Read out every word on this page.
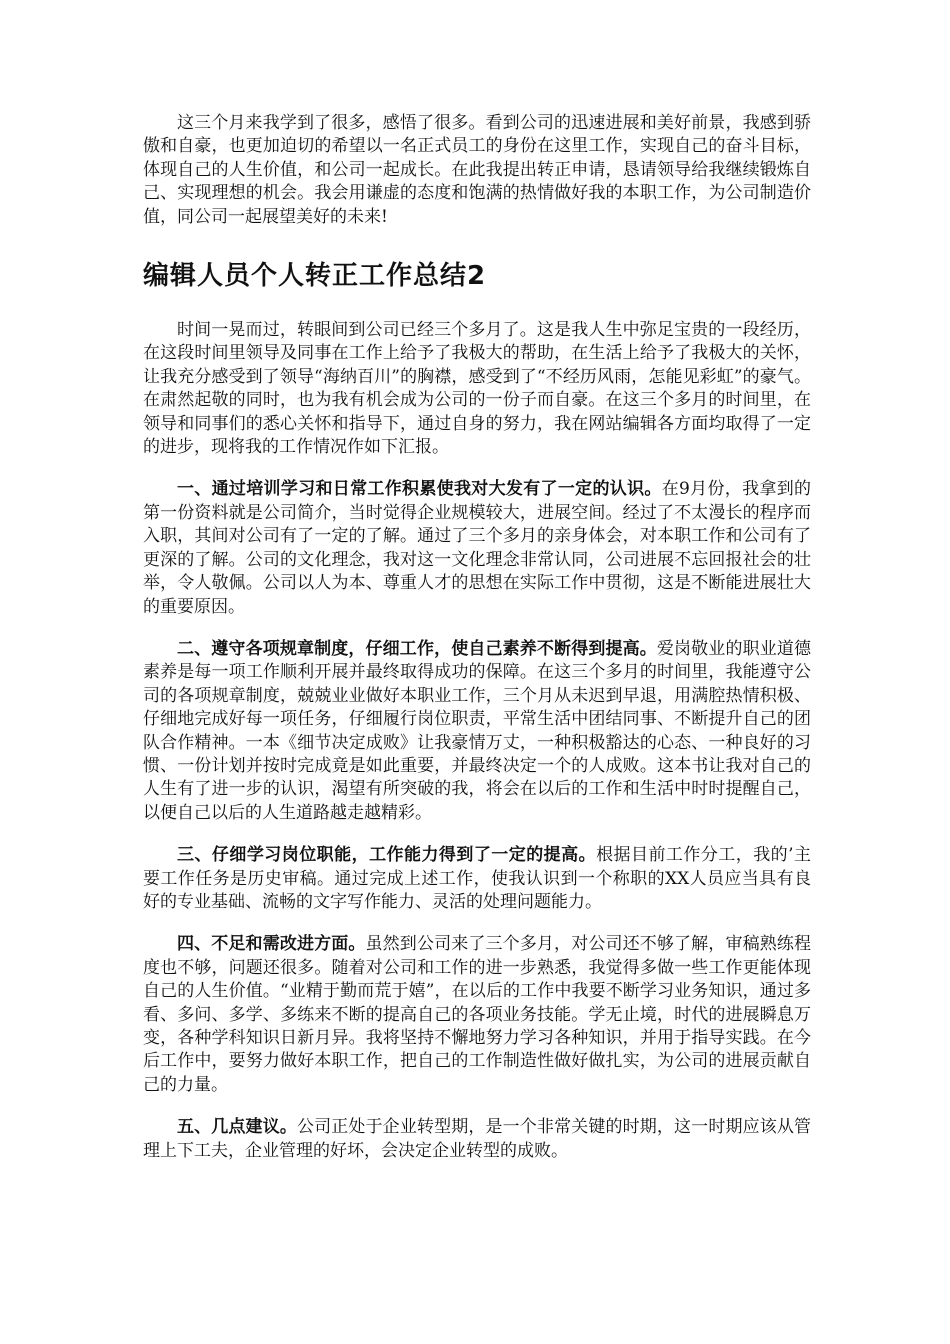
这三个月来我学到了很多，感悟了很多。看到公司的迅速进展和美好前景，我感到骄傲和自豪，也更加迫切的希望以一名正式员工的身份在这里工作，实现自己的奋斗目标，体现自己的人生价值，和公司一起成长。在此我提出转正申请，恳请领导给我继续锻炼自己、实现理想的机会。我会用谦虚的态度和饱满的热情做好我的本职工作，为公司制造价值，同公司一起展望美好的未来!

编辑人员个人转正工作总结2

时间一晃而过，转眼间到公司已经三个多月了。这是我人生中弥足宝贵的一段经历，在这段时间里领导及同事在工作上给予了我极大的帮助，在生活上给予了我极大的关怀，让我充分感受到了领导“海纳百川”的胸襟，感受到了“不经历风雨，怎能见彩虹”的豪气。在肃然起敬的同时，也为我有机会成为公司的一份子而自豪。在这三个多月的时间里，在领导和同事们的悉心关怀和指导下，通过自身的努力，我在网站编辑各方面均取得了一定的进步，现将我的工作情况作如下汇报。

一、通过培训学习和日常工作积累使我对大发有了一定的认识。在9月份，我拿到的第一份资料就是公司简介，当时觉得企业规模较大，进展空间。经过了不太漫长的程序而入职，其间对公司有了一定的了解。通过了三个多月的亲身体会，对本职工作和公司有了更深的了解。公司的文化理念，我对这一文化理念非常认同，公司进展不忘回报社会的壮举，令人敬佩。公司以人为本、尊重人才的思想在实际工作中贯彻，这是不断能进展壮大的重要原因。

二、遵守各项规章制度，仔细工作，使自己素养不断得到提高。爱岗敬业的职业道德素养是每一项工作顺利开展并最终取得成功的保障。在这三个多月的时间里，我能遵守公司的各项规章制度，兢兢业业做好本职业工作，三个月从未迟到早退，用满腔热情积极、仔细地完成好每一项任务，仔细履行岗位职责，平常生活中团结同事、不断提升自己的团队合作精神。一本《细节决定成败》让我豪情万丈，一种积极豁达的心态、一种良好的习惯、一份计划并按时完成竟是如此重要，并最终决定一个的人成败。这本书让我对自己的人生有了进一步的认识，渴望有所突破的我，将会在以后的工作和生活中时时提醒自己，以便自己以后的人生道路越走越精彩。

三、仔细学习岗位职能，工作能力得到了一定的提高。根据目前工作分工，我的’主要工作任务是历史审稿。通过完成上述工作，使我认识到一个称职的XX人员应当具有良好的专业基础、流畅的文字写作能力、灵活的处理问题能力。

四、不足和需改进方面。虽然到公司来了三个多月，对公司还不够了解，审稿熟练程度也不够，问题还很多。随着对公司和工作的进一步熟悉，我觉得多做一些工作更能体现自己的人生价值。“业精于勤而荒于嬉”，在以后的工作中我要不断学习业务知识，通过多看、多问、多学、多练来不断的提高自己的各项业务技能。学无止境，时代的进展瞬息万变，各种学科知识日新月异。我将坚持不懈地努力学习各种知识，并用于指导实践。在今后工作中，要努力做好本职工作，把自己的工作制造性做好做扎实，为公司的进展贡献自己的力量。

五、几点建议。公司正处于企业转型期，是一个非常关键的时期，这一时期应该从管理上下工夫，企业管理的好坏，会决定企业转型的成败。
